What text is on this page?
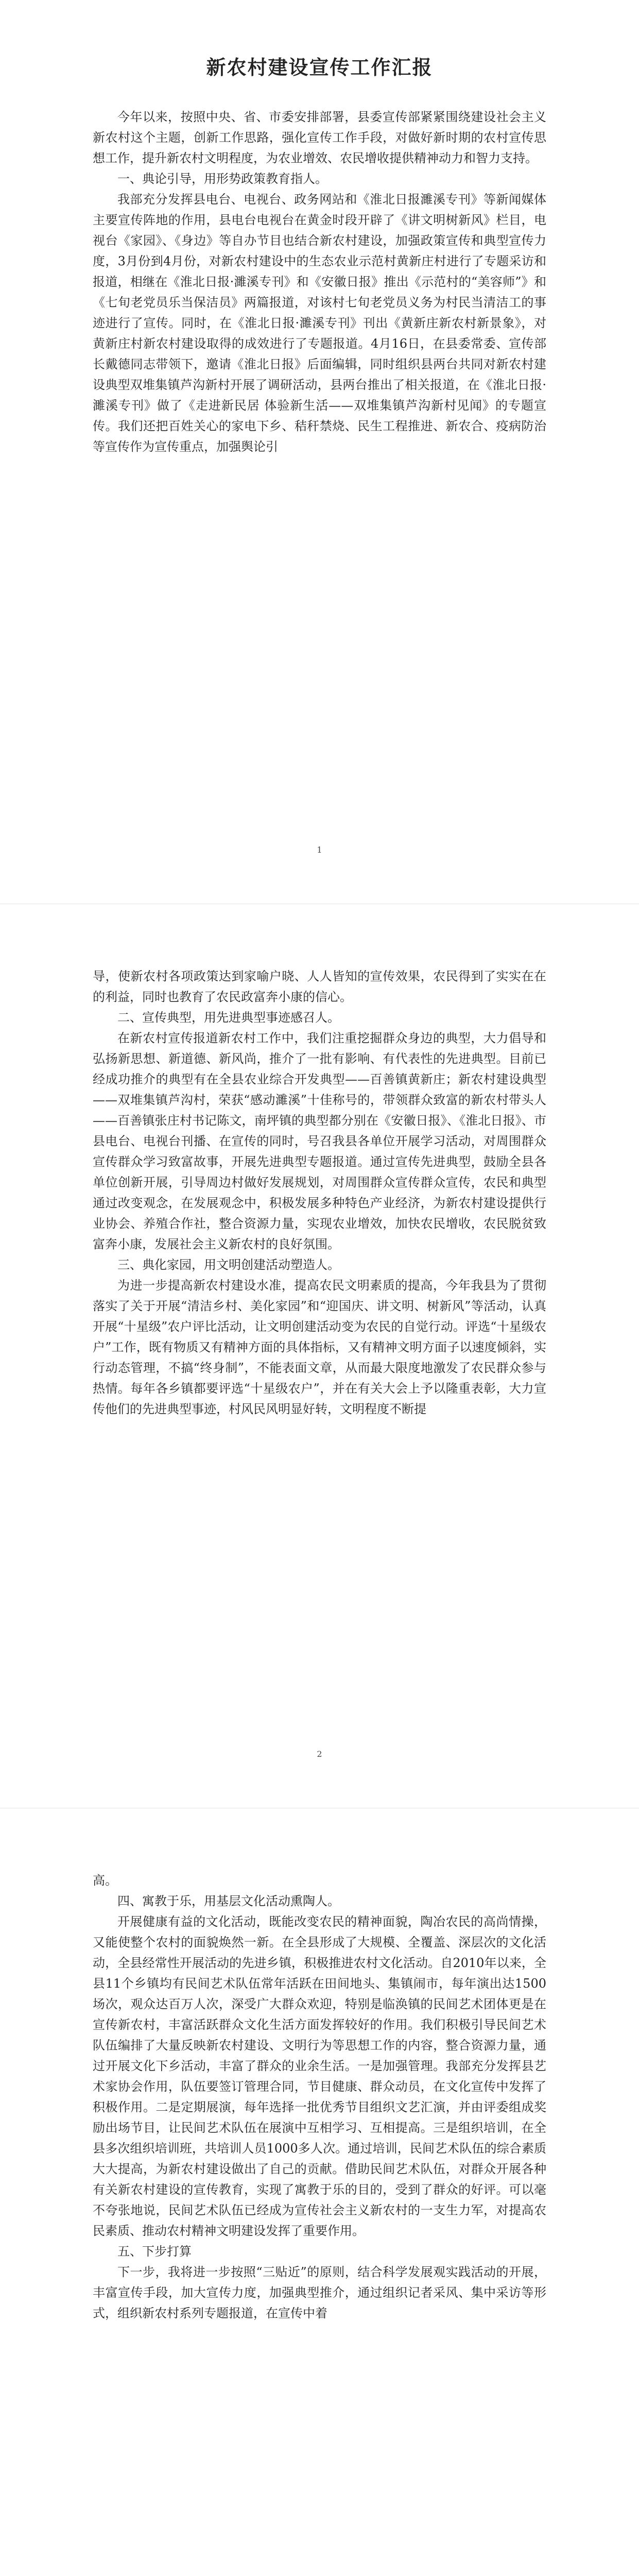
新农村建设宣传工作汇报

今年以来，按照中央、省、市委安排部署，县委宣传部紧紧围绕建设社会主义新农村这个主题，创新工作思路，强化宣传工作手段，对做好新时期的农村宣传思想工作，提升新农村文明程度，为农业增效、农民增收提供精神动力和智力支持。

一、典论引导，用形势政策教育指人。

我部充分发挥县电台、电视台、政务网站和《淮北日报濉溪专刊》等新闻媒体主要宣传阵地的作用，县电台电视台在黄金时段开辟了《讲文明树新风》栏目，电视台《家园》、《身边》等自办节目也结合新农村建设，加强政策宣传和典型宣传力度，3月份到4月份，对新农村建设中的生态农业示范村黄新庄村进行了专题采访和报道，相继在《淮北日报·濉溪专刊》和《安徽日报》推出《示范村的“美容师”》和《七旬老党员乐当保洁员》两篇报道，对该村七旬老党员义务为村民当清洁工的事迹进行了宣传。同时，在《淮北日报·濉溪专刊》刊出《黄新庄新农村新景象》，对黄新庄村新农村建设取得的成效进行了专题报道。4月16日，在县委常委、宣传部长戴德同志带领下，邀请《淮北日报》后面编辑，同时组织县两台共同对新农村建设典型双堆集镇芦沟新村开展了调研活动，县两台推出了相关报道，在《淮北日报·濉溪专刊》做了《走进新民居 体验新生活——双堆集镇芦沟新村见闻》的专题宣传。我们还把百姓关心的家电下乡、秸秆禁烧、民生工程推进、新农合、疫病防治等宣传作为宣传重点，加强舆论引

1

导，使新农村各项政策达到家喻户晓、人人皆知的宣传效果，农民得到了实实在在的利益，同时也教育了农民政富奔小康的信心。

二、宣传典型，用先进典型事迹感召人。

在新农村宣传报道新农村工作中，我们注重挖掘群众身边的典型，大力倡导和弘扬新思想、新道德、新风尚，推介了一批有影响、有代表性的先进典型。目前已经成功推介的典型有在全县农业综合开发典型——百善镇黄新庄；新农村建设典型——双堆集镇芦沟村，荣获“感动濉溪”十佳称号的，带领群众致富的新农村带头人——百善镇张庄村书记陈文，南坪镇的典型都分别在《安徽日报》、《淮北日报》、市县电台、电视台刊播、在宣传的同时，号召我县各单位开展学习活动，对周围群众宣传群众学习致富故事，开展先进典型专题报道。通过宣传先进典型，鼓励全县各单位创新开展，引导周边村做好发展规划，对周围群众宣传群众宣传，农民和典型通过改变观念，在发展观念中，积极发展多种特色产业经济，为新农村建设提供行业协会、养殖合作社，整合资源力量，实现农业增效，加快农民增收，农民脱贫致富奔小康，发展社会主义新农村的良好氛围。

三、典化家园，用文明创建活动塑造人。

为进一步提高新农村建设水准，提高农民文明素质的提高，今年我县为了贯彻落实了关于开展“清洁乡村、美化家园”和“迎国庆、讲文明、树新风”等活动，认真开展“十星级”农户评比活动，让文明创建活动变为农民的自觉行动。评选“十星级农户”工作，既有物质又有精神方面的具体指标，又有精神文明方面子以速度倾斜，实行动态管理，不搞“终身制”，不能表面文章，从而最大限度地激发了农民群众参与热情。每年各乡镇都要评选“十星级农户”，并在有关大会上予以隆重表彰，大力宣传他们的先进典型事迹，村风民风明显好转，文明程度不断提

2

高。

四、寓教于乐，用基层文化活动熏陶人。

开展健康有益的文化活动，既能改变农民的精神面貌，陶冶农民的高尚情操，又能使整个农村的面貌焕然一新。在全县形成了大规模、全覆盖、深层次的文化活动，全县经常性开展活动的先进乡镇，积极推进农村文化活动。自2010年以来，全县11个乡镇均有民间艺术队伍常年活跃在田间地头、集镇闹市，每年演出达1500场次，观众达百万人次，深受广大群众欢迎，特别是临涣镇的民间艺术团体更是在宣传新农村，丰富活跃群众文化生活方面发挥较好的作用。我们积极引导民间艺术队伍编排了大量反映新农村建设、文明行为等思想工作的内容，整合资源力量，通过开展文化下乡活动，丰富了群众的业余生活。一是加强管理。我部充分发挥县艺术家协会作用，队伍要签订管理合同，节目健康、群众动员，在文化宣传中发挥了积极作用。二是定期展演，每年选择一批优秀节目组织文艺汇演，并由评委组成奖励出场节目，让民间艺术队伍在展演中互相学习、互相提高。三是组织培训，在全县多次组织培训班，共培训人员1000多人次。通过培训，民间艺术队伍的综合素质大大提高，为新农村建设做出了自己的贡献。借助民间艺术队伍，对群众开展各种有关新农村建设的宣传教育，实现了寓教于乐的目的，受到了群众的好评。可以毫不夸张地说，民间艺术队伍已经成为宣传社会主义新农村的一支生力军，对提高农民素质、推动农村精神文明建设发挥了重要作用。

五、下步打算

下一步，我将进一步按照“三贴近”的原则，结合科学发展观实践活动的开展，丰富宣传手段，加大宣传力度，加强典型推介，通过组织记者采风、集中采访等形式，组织新农村系列专题报道，在宣传中着
